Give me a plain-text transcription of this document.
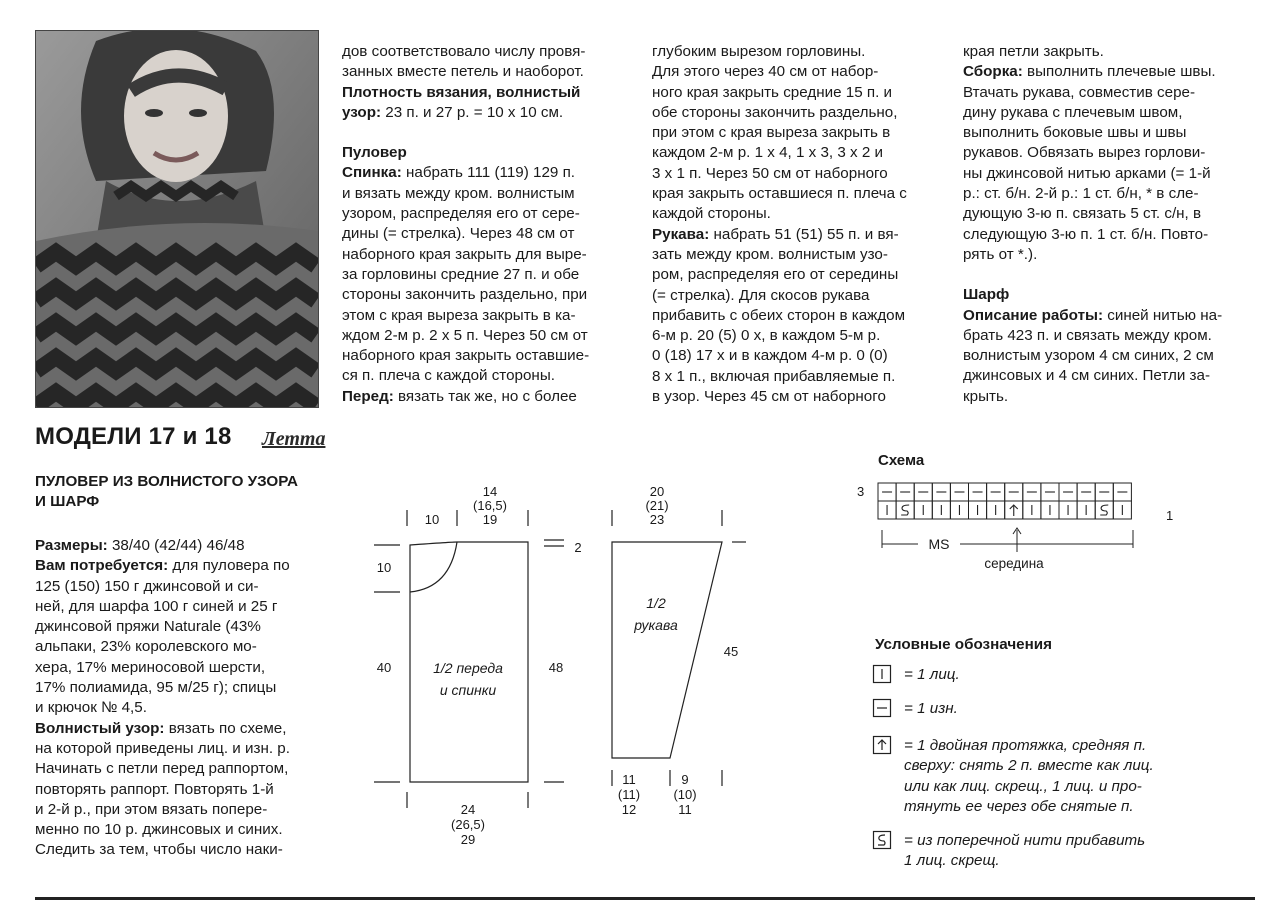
МОДЕЛИ 17 и 18 Летта
ПУЛОВЕР ИЗ ВОЛНИСТОГО УЗОРА
И ШАРФ

Размеры: 38/40 (42/44) 46/48

Вам потребуется: для пуловера по

125 (150) 150 г джинсовой и си-

ней, для шарфа 100 г синей и 25 г

джинсовой пряжи Naturale (43%

альпаки, 23% королевского мо-

хера, 17% мериносовой шерсти,

17% полиамида, 95 м/25 г); спицы

и крючок № 4,5.

Волнистый узор: вязать по схеме,

на которой приведены лиц. и изн. р.

Начинать с петли перед раппортом,

повторять раппорт. Повторять 1-й

и 2-й р., при этом вязать попере-

менно по 10 р. джинсовых и синих.

Следить за тем, чтобы число наки-

дов соответствовало числу провя-

занных вместе петель и наоборот.

Плотность вязания, волнистый

узор: 23 п. и 27 р. = 10 х 10 см.

Пуловер

Спинка: набрать 111 (119) 129 п.

и вязать между кром. волнистым

узором, распределяя его от сере-

дины (= стрелка). Через 48 см от

наборного края закрыть для выре-

за горловины средние 27 п. и обе

стороны закончить раздельно, при

этом с края выреза закрыть в ка-

ждом 2-м р. 2 х 5 п. Через 50 см от

наборного края закрыть оставшие-

ся п. плеча с каждой стороны.

Перед: вязать так же, но с более

глубоким вырезом горловины.

Для этого через 40 см от набор-

ного края закрыть средние 15 п. и

обе стороны закончить раздельно,

при этом с края выреза закрыть в

каждом 2-м р. 1 х 4, 1 х 3, 3 х 2 и

3 х 1 п. Через 50 см от наборного

края закрыть оставшиеся п. плеча с

каждой стороны.

Рукава: набрать 51 (51) 55 п. и вя-

зать между кром. волнистым узо-

ром, распределяя его от середины

(= стрелка). Для скосов рукава

прибавить с обеих сторон в каждом

6-м р. 20 (5) 0 х, в каждом 5-м р.

0 (18) 17 х и в каждом 4-м р. 0 (0)

8 х 1 п., включая прибавляемые п.

в узор. Через 45 см от наборного

края петли закрыть.

Сборка: выполнить плечевые швы.

Втачать рукава, совместив сере-

дину рукава с плечевым швом,

выполнить боковые швы и швы

рукавов. Обвязать вырез горлови-

ны джинсовой нитью арками (= 1-й

р.: ст. б/н. 2-й р.: 1 ст. б/н, * в сле-

дующую 3-ю п. связать 5 ст. с/н, в

следующую 3-ю п. 1 ст. б/н. Повто-

рять от *.).

Шарф

Описание работы: синей нитью на-

брать 423 п. и связать между кром.

волнистым узором 4 см синих, 2 см

джинсовых и 4 см синих. Петли за-

крыть.

14
(16,5)
19
10
10
2
40	48
1/2 переда
и спинки
24
(26,5)
29
20
(21)
23
1/2
рукава
45
11
(11)
12
9
(10)
11
Схема
3
1
MS
середина
Условные обозначения
= 1 лиц.
= 1 изн.

= 1 двойная протяжка, средняя п.

сверху: снять 2 п. вместе как лиц.

или как лиц. скрещ., 1 лиц. и про-

тянуть ее через обе снятые п.

= из поперечной нити прибавить

1 лиц. скрещ.
